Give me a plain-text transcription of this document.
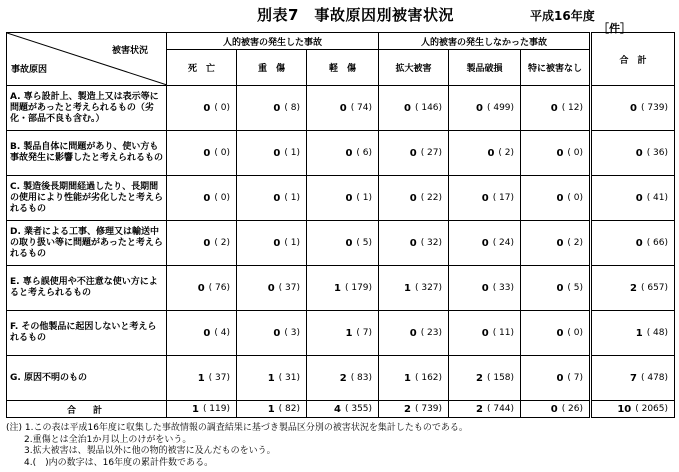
別表7　事故原因別被害状況	平成16年度
［件］
被害状況
事故原因	人的被害の発生した事故			人的被害の発生しなかった事故			合　計
	死　亡	重　傷	軽　傷	拡大被害	製品破損	特に被害なし	
A. 専ら設計上、製造上又は表示等に問題があったと考えられるもの（劣化・部品不良も含む。）	0 ( 0)	0 ( 8)	0 ( 74)	0 ( 146)	0 ( 499)	0 ( 12)	0 ( 739)

B. 製品自体に問題があり、使い方も事故発生に影響したと考えられるもの	0 ( 0)	0 ( 1)	0 ( 6)	0 ( 27)	0 ( 2)	0 ( 0)	0 ( 36)

C. 製造後長期間経過したり、長期間の使用により性能が劣化したと考えられるもの	0 ( 0)	0 ( 1)	0 ( 1)	0 ( 22)	0 ( 17)	0 ( 0)	0 ( 41)

D. 業者による工事、修理又は輸送中の取り扱い等に問題があったと考えられるもの	0 ( 2)	0 ( 1)	0 ( 5)	0 ( 32)	0 ( 24)	0 ( 2)	0 ( 66)

E. 専ら誤使用や不注意な使い方によると考えられるもの	0 ( 76)	0 ( 37)	1 ( 179)	1 ( 327)	0 ( 33)	0 ( 5)	2 ( 657)

F. その他製品に起因しないと考えられるもの	0 ( 4)	0 ( 3)	1 ( 7)	0 ( 23)	0 ( 11)	0 ( 0)	1 ( 48)

G. 原因不明のもの	1 ( 37)	1 ( 31)	2 ( 83)	1 ( 162)	2 ( 158)	0 ( 7)	7 ( 478)

合　計	1 ( 119)	1 ( 82)	4 ( 355)	2 ( 739)	2 ( 744)	0 ( 26)	10 ( 2065)
(注) 1.この表は平成16年度に収集した事故情報の調査結果に基づき製品区分別の被害状況を集計したものである。
2.重傷とは全治1か月以上のけがをいう。
3.拡大被害は、製品以外に他の物的被害に及んだものをいう。
4.(　)内の数字は、16年度の累計件数である。
